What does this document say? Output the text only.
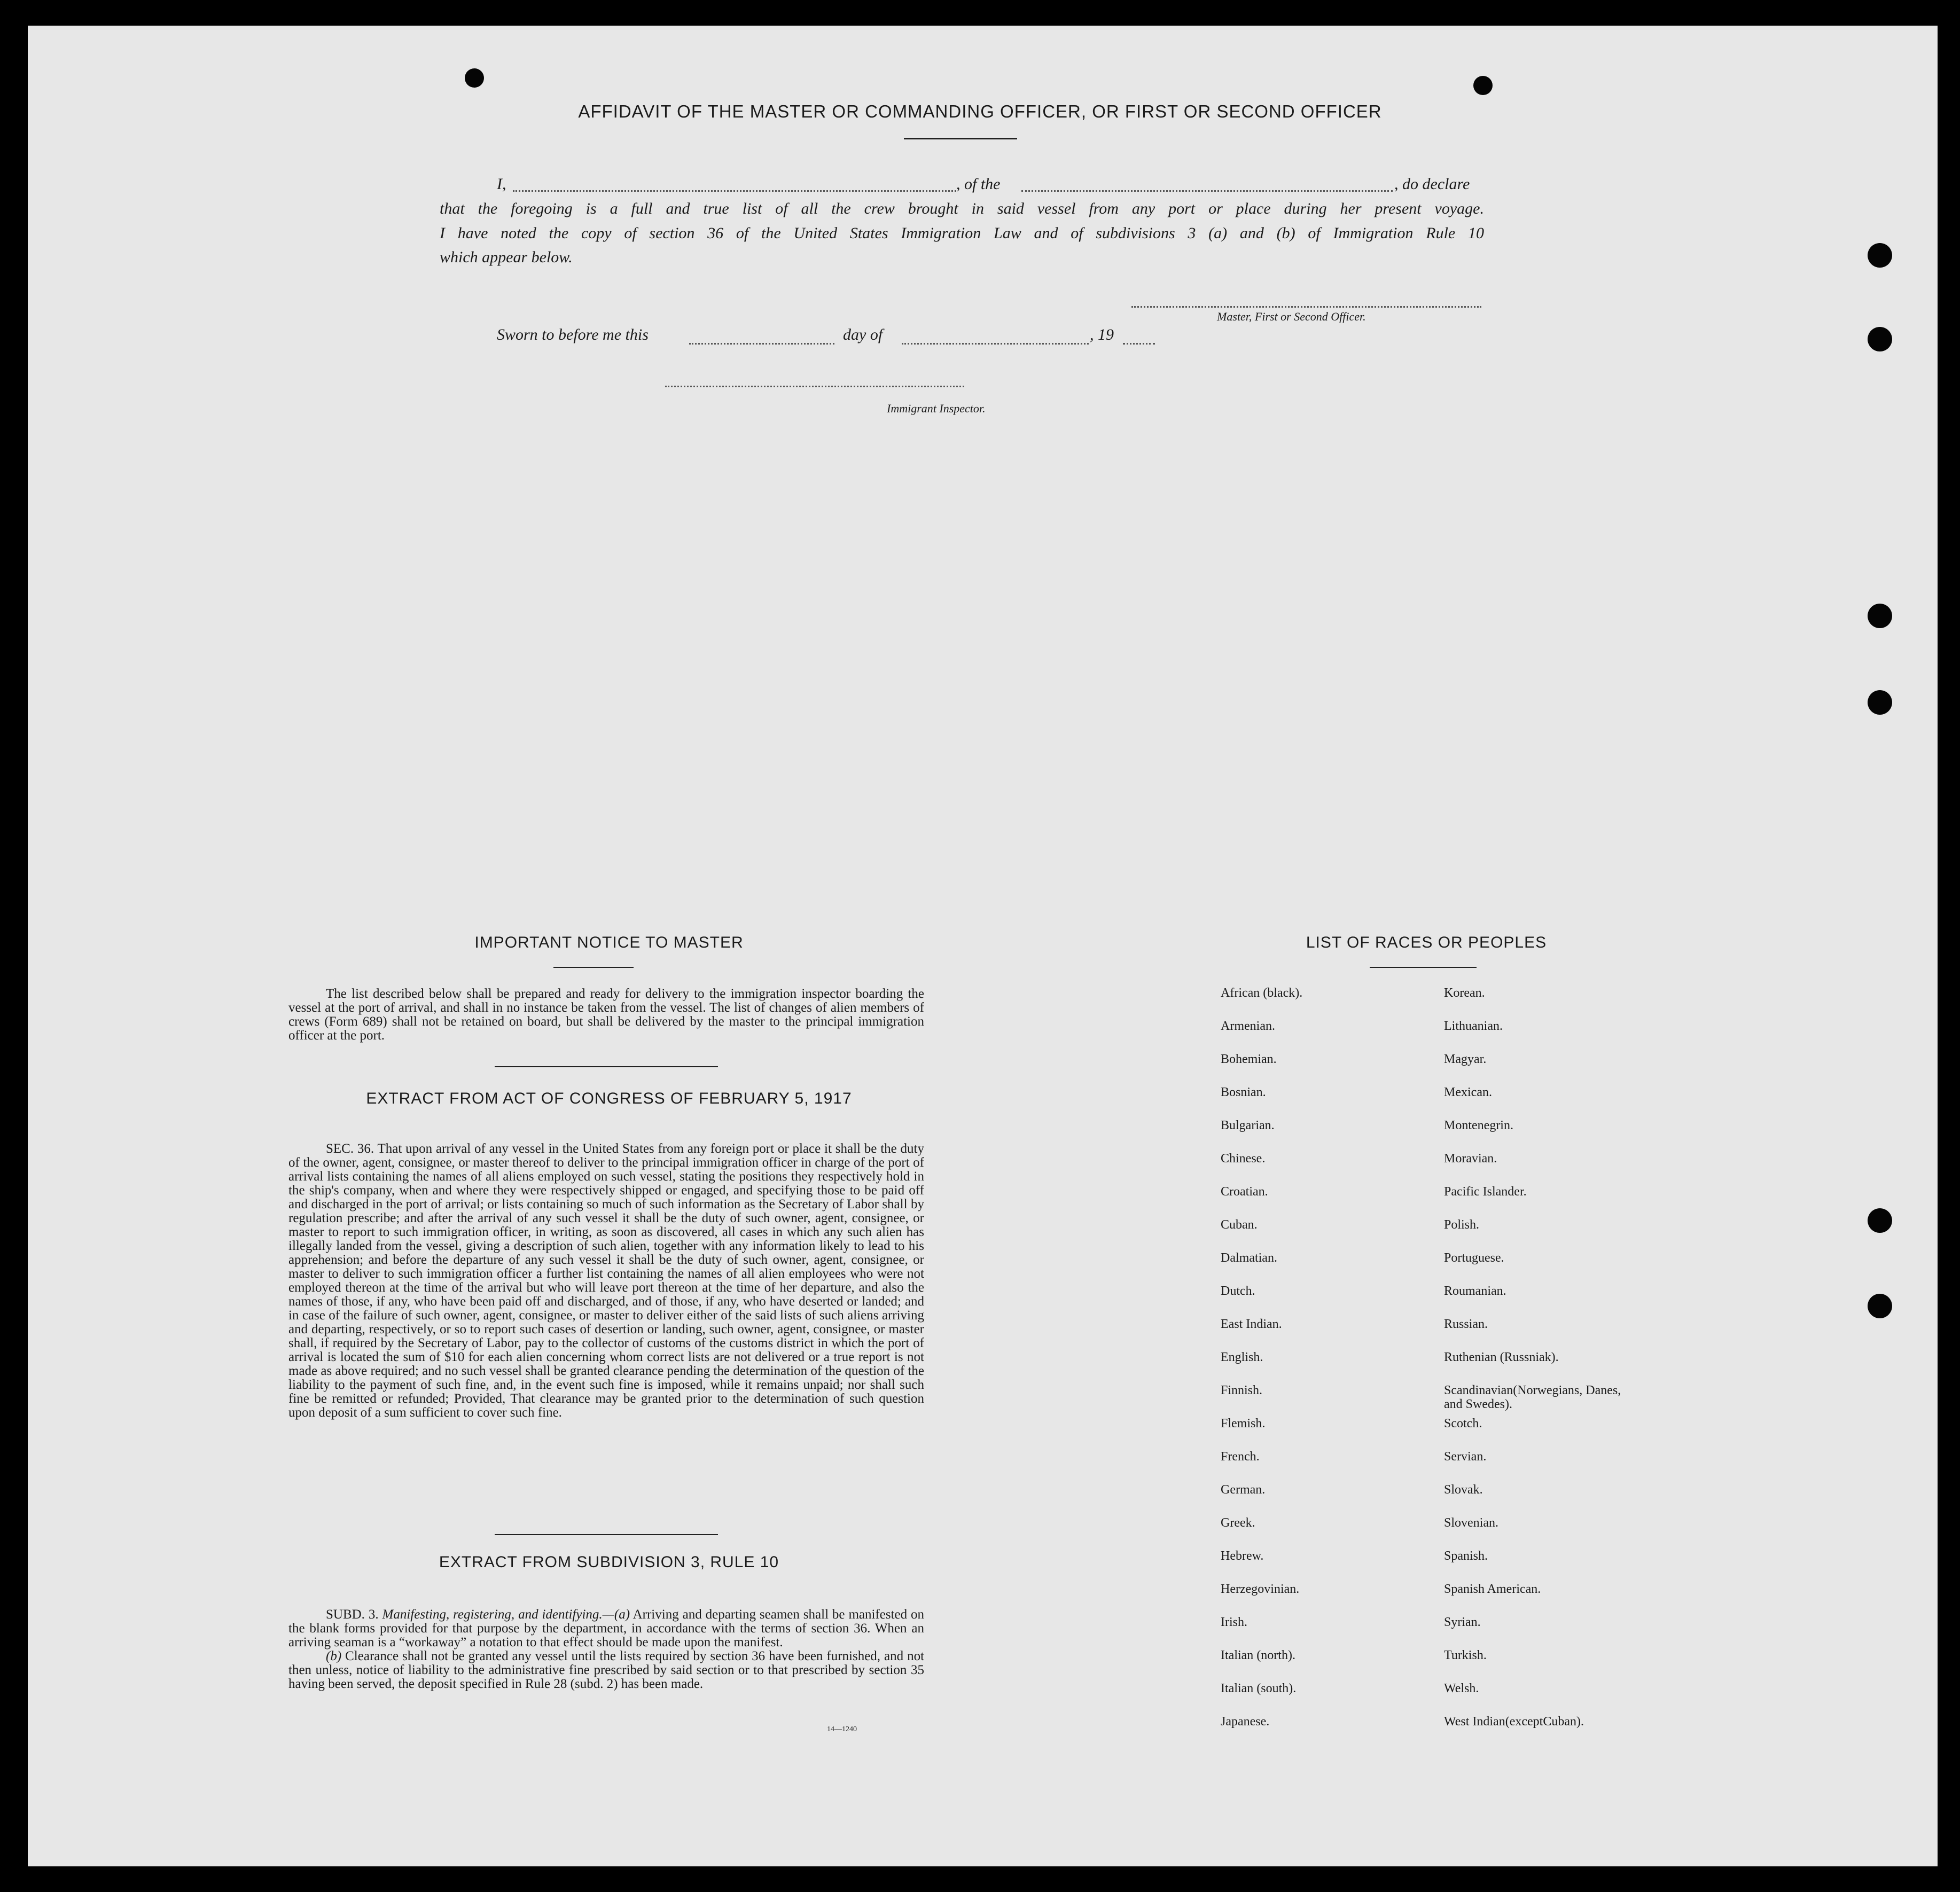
AFFIDAVIT OF THE MASTER OR COMMANDING OFFICER, OR FIRST OR SECOND OFFICER
I,	, of the	, do declare
that the foregoing is a full and true list of all the crew brought in said vessel from any port or place during her present voyage.
I have noted the copy of section 36 of the United States Immigration Law and of subdivisions 3 (a) and (b) of Immigration Rule 10
which appear below.
Master, First or Second Officer.
Sworn to before me this	day of	, 19
Immigrant Inspector.
IMPORTANT NOTICE TO MASTER
The list described below shall be prepared and ready for delivery to the immigration inspector boarding the vessel at the port of arrival, and shall in no instance be taken from the vessel. The list of changes of alien members of crews (Form 689) shall not be retained on board, but shall be delivered by the master to the principal immigration officer at the port.
EXTRACT FROM ACT OF CONGRESS OF FEBRUARY 5, 1917
SEC. 36. That upon arrival of any vessel in the United States from any foreign port or place it shall be the duty of the owner, agent, consignee, or master thereof to deliver to the principal immigration officer in charge of the port of arrival lists containing the names of all aliens employed on such vessel, stating the positions they respectively hold in the ship's company, when and where they were respectively shipped or engaged, and specifying those to be paid off and discharged in the port of arrival; or lists containing so much of such information as the Secretary of Labor shall by regulation prescribe; and after the arrival of any such vessel it shall be the duty of such owner, agent, consignee, or master to report to such immigration officer, in writing, as soon as discovered, all cases in which any such alien has illegally landed from the vessel, giving a description of such alien, together with any information likely to lead to his apprehension; and before the departure of any such vessel it shall be the duty of such owner, agent, consignee, or master to deliver to such immigration officer a further list containing the names of all alien employees who were not employed thereon at the time of the arrival but who will leave port thereon at the time of her departure, and also the names of those, if any, who have been paid off and discharged, and of those, if any, who have deserted or landed; and in case of the failure of such owner, agent, consignee, or master to deliver either of the said lists of such aliens arriving and departing, respectively, or so to report such cases of desertion or landing, such owner, agent, consignee, or master shall, if required by the Secretary of Labor, pay to the collector of customs of the customs district in which the port of arrival is located the sum of $10 for each alien concerning whom correct lists are not delivered or a true report is not made as above required; and no such vessel shall be granted clearance pending the determination of the question of the liability to the payment of such fine, and, in the event such fine is imposed, while it remains unpaid; nor shall such fine be remitted or refunded; Provided, That clearance may be granted prior to the determination of such question upon deposit of a sum sufficient to cover such fine.
EXTRACT FROM SUBDIVISION 3, RULE 10
SUBD. 3. Manifesting, registering, and identifying.—(a) Arriving and departing seamen shall be manifested on the blank forms provided for that purpose by the department, in accordance with the terms of section 36. When an arriving seaman is a “workaway” a notation to that effect should be made upon the manifest.
(b) Clearance shall not be granted any vessel until the lists required by section 36 have been furnished, and not then unless, notice of liability to the administrative fine prescribed by said section or to that prescribed by section 35 having been served, the deposit specified in Rule 28 (subd. 2) has been made.
14—1240
LIST OF RACES OR PEOPLES
African (black).
Armenian.
Bohemian.
Bosnian.
Bulgarian.
Chinese.
Croatian.
Cuban.
Dalmatian.
Dutch.
East Indian.
English.
Finnish.
Flemish.
French.
German.
Greek.
Hebrew.
Herzegovinian.
Irish.
Italian (north).
Italian (south).
Japanese.
Korean.
Lithuanian.
Magyar.
Mexican.
Montenegrin.
Moravian.
Pacific Islander.
Polish.
Portuguese.
Roumanian.
Russian.
Ruthenian (Russniak).
Scandinavian(Norwegians, Danes, and Swedes).
Scotch.
Servian.
Slovak.
Slovenian.
Spanish.
Spanish American.
Syrian.
Turkish.
Welsh.
West Indian(exceptCuban).
